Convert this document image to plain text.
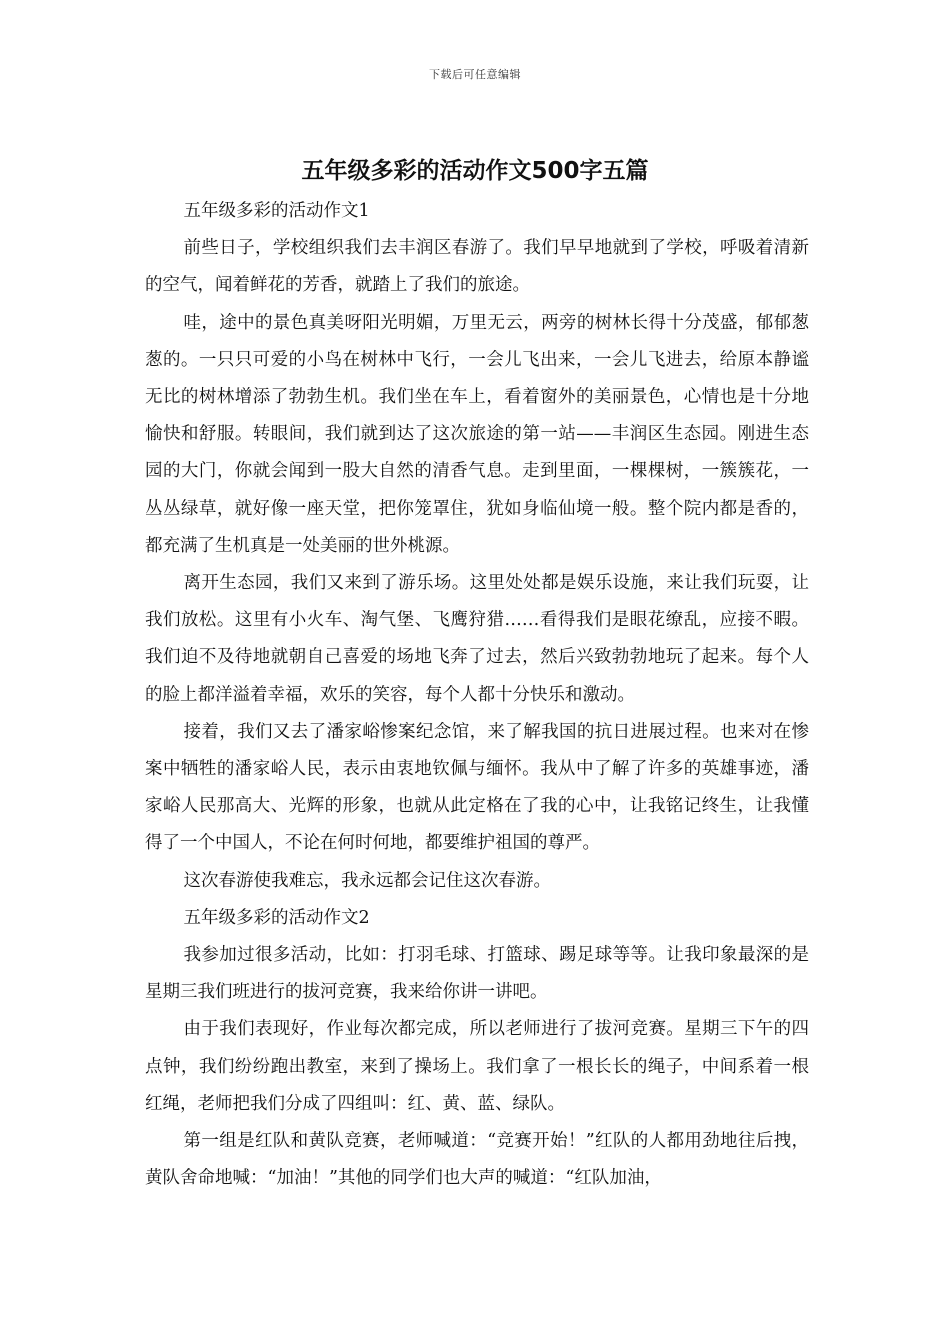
下载后可任意编辑
五年级多彩的活动作文500字五篇

五年级多彩的活动作文1

前些日子，学校组织我们去丰润区春游了。我们早早地就到了学校，呼吸着清新的空气，闻着鲜花的芳香，就踏上了我们的旅途。

哇，途中的景色真美呀阳光明媚，万里无云，两旁的树林长得十分茂盛，郁郁葱葱的。一只只可爱的小鸟在树林中飞行，一会儿飞出来，一会儿飞进去，给原本静谧无比的树林增添了勃勃生机。我们坐在车上，看着窗外的美丽景色，心情也是十分地愉快和舒服。转眼间，我们就到达了这次旅途的第一站——丰润区生态园。刚进生态园的大门，你就会闻到一股大自然的清香气息。走到里面，一棵棵树，一簇簇花，一丛丛绿草，就好像一座天堂，把你笼罩住，犹如身临仙境一般。整个院内都是香的，都充满了生机真是一处美丽的世外桃源。

离开生态园，我们又来到了游乐场。这里处处都是娱乐设施，来让我们玩耍，让我们放松。这里有小火车、淘气堡、飞鹰狩猎……看得我们是眼花缭乱，应接不暇。我们迫不及待地就朝自己喜爱的场地飞奔了过去，然后兴致勃勃地玩了起来。每个人的脸上都洋溢着幸福，欢乐的笑容，每个人都十分快乐和激动。

接着，我们又去了潘家峪惨案纪念馆，来了解我国的抗日进展过程。也来对在惨案中牺牲的潘家峪人民，表示由衷地钦佩与缅怀。我从中了解了许多的英雄事迹，潘家峪人民那高大、光辉的形象，也就从此定格在了我的心中，让我铭记终生，让我懂得了一个中国人，不论在何时何地，都要维护祖国的尊严。

这次春游使我难忘，我永远都会记住这次春游。

五年级多彩的活动作文2

我参加过很多活动，比如：打羽毛球、打篮球、踢足球等等。让我印象最深的是星期三我们班进行的拔河竞赛，我来给你讲一讲吧。

由于我们表现好，作业每次都完成，所以老师进行了拔河竞赛。星期三下午的四点钟，我们纷纷跑出教室，来到了操场上。我们拿了一根长长的绳子，中间系着一根红绳，老师把我们分成了四组叫：红、黄、蓝、绿队。

第一组是红队和黄队竞赛，老师喊道：“竞赛开始！”红队的人都用劲地往后拽，黄队舍命地喊：“加油！”其他的同学们也大声的喊道：“红队加油，
